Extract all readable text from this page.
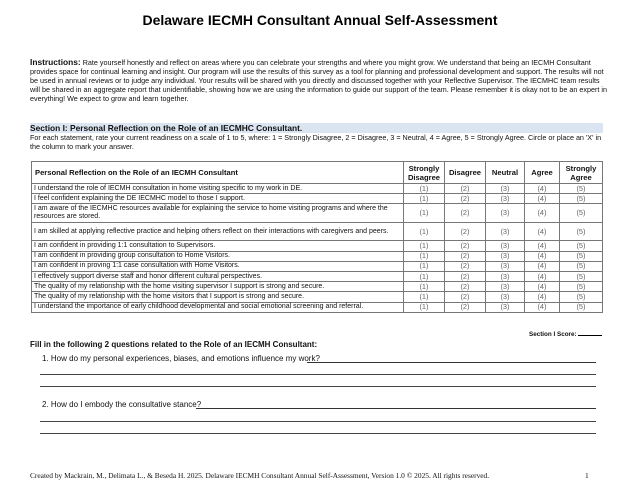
Delaware IECMH Consultant Annual Self-Assessment
Instructions: Rate yourself honestly and reflect on areas where you can celebrate your strengths and where you might grow. We understand that being an IECMH Consultant provides space for continual learning and insight. Our program will use the results of this survey as a tool for planning and professional development and support. The results will not be used in annual reviews or to judge any individual. Your results will be shared with you directly and discussed together with your Reflective Supervisor. The IECMHC team results will be shared in an aggregate report that unidentifiable, showing how we are using the information to guide our support of the team. Please remember it is okay not to be an expert in everything! We expect to grow and learn together.
Section I: Personal Reflection on the Role of an IECMHC Consultant.
For each statement, rate your current readiness on a scale of 1 to 5, where: 1 = Strongly Disagree, 2 = Disagree, 3 = Neutral, 4 = Agree, 5 = Strongly Agree. Circle or place an 'X' in the column to mark your answer.
Personal Reflection on the Role of an IECMH Consultant	Strongly Disagree	Disagree	Neutral	Agree	Strongly Agree
I understand the role of IECMH consultation in home visiting specific to my work in DE.	(1)	(2)	(3)	(4)	(5)
I feel confident explaining the DE IECMHC model to those I support.	(1)	(2)	(3)	(4)	(5)
I am aware of the IECMHC resources available for explaining the service to home visiting programs and where the resources are stored.	(1)	(2)	(3)	(4)	(5)
I am skilled at applying reflective practice and helping others reflect on their interactions with caregivers and peers.	(1)	(2)	(3)	(4)	(5)
I am confident in providing 1:1 consultation to Supervisors.	(1)	(2)	(3)	(4)	(5)
I am confident in providing group consultation to Home Visitors.	(1)	(2)	(3)	(4)	(5)
I am confident in proving 1:1 case consultation with Home Visitors.	(1)	(2)	(3)	(4)	(5)
I effectively support diverse staff and honor different cultural perspectives.	(1)	(2)	(3)	(4)	(5)
The quality of my relationship with the home visiting supervisor I support is strong and secure.	(1)	(2)	(3)	(4)	(5)
The quality of my relationship with the home visitors that I support is strong and secure.	(1)	(2)	(3)	(4)	(5)
I understand the importance of early childhood developmental and social emotional screening and referral.	(1)	(2)	(3)	(4)	(5)
Section I Score:
Fill in the following 2 questions related to the Role of an IECMH Consultant:
1. How do my personal experiences, biases, and emotions influence my work?
2. How do I embody the consultative stance?
Created by Mackrain, M., Delimata L., & Beseda H. 2025. Delaware IECMH Consultant Annual Self-Assessment, Version 1.0 © 2025. All rights reserved.	1
